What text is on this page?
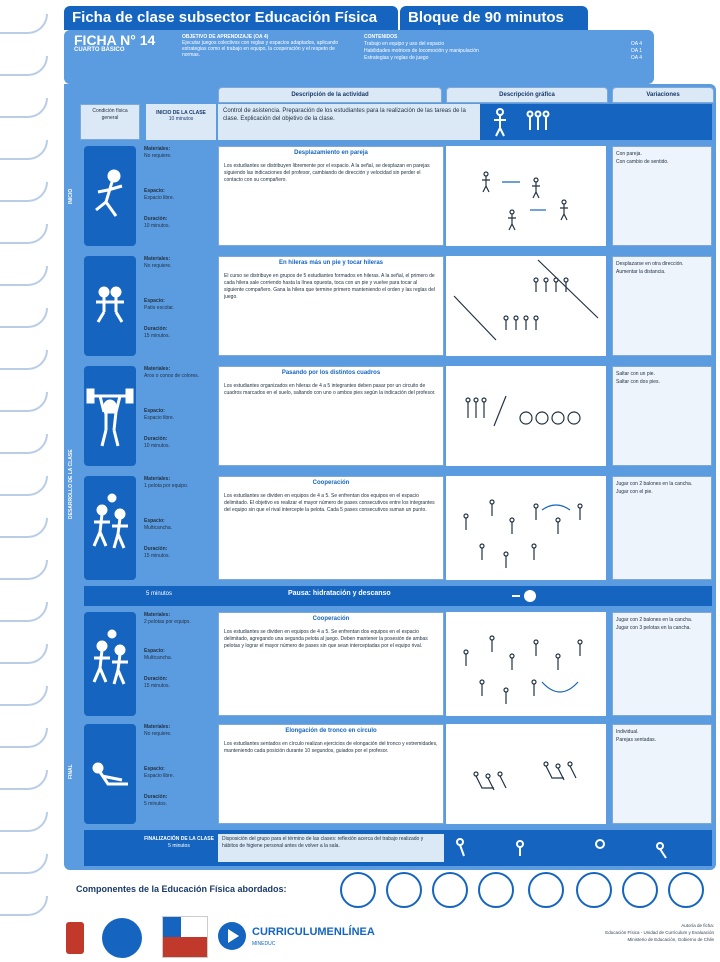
Ficha de clase subsector Educación Física	Bloque de 90 minutos
FICHA N° 14
CUARTO BÁSICO
OBJETIVO DE APRENDIZAJE (OA 4)
Ejecutar juegos colectivos con reglas y espacios adaptados, aplicando estrategias como el trabajo en equipo, la cooperación y el respeto de normas.
CONTENIDOS
Trabajo en equipo y uso del espacio	OA 4
Habilidades motrices de locomoción y manipulación	OA 1
Estrategias y reglas de juego	OA 4
Descripción de la actividad	Descripción gráfica	Variaciones
Condición física general
INICIO DE LA CLASE
10 minutos
Control de asistencia. Preparación de los estudiantes para la realización de las tareas de la clase. Explicación del objetivo de la clase.
INICIO
DESARROLLO DE LA CLASE
FINAL
Materiales:
No requiere.
Espacio:
Espacio libre.
Duración:
10 minutos.
Desplazamiento en pareja
Los estudiantes se distribuyen libremente por el espacio. A la señal, se desplazan en parejas siguiendo las indicaciones del profesor, cambiando de dirección y velocidad sin perder el contacto con su compañero.
Con pareja.
Con cambio de sentido.
Materiales:
No requiere.
Espacio:
Patio escolar.
Duración:
15 minutos.
En hileras más un pie y tocar hileras
El curso se distribuye en grupos de 5 estudiantes formados en hileras. A la señal, el primero de cada hilera sale corriendo hasta la línea opuesta, toca con un pie y vuelve para tocar al siguiente compañero. Gana la hilera que termine primero manteniendo el orden y las reglas del juego.
Desplazarse en otra dirección.
Aumentar la distancia.
Materiales:
Aros o conos de colores.
Espacio:
Espacio libre.
Duración:
10 minutos.
Pasando por los distintos cuadros
Los estudiantes organizados en hileras de 4 a 5 integrantes deben pasar por un circuito de cuadros marcados en el suelo, saltando con uno o ambos pies según la indicación del profesor.
Saltar con un pie.
Saltar con dos pies.
Materiales:
1 pelota por equipo.
Espacio:
Multicancha.
Duración:
15 minutos.
Cooperación
Los estudiantes se dividen en equipos de 4 a 5. Se enfrentan dos equipos en el espacio delimitado. El objetivo es realizar el mayor número de pases consecutivos entre los integrantes del equipo sin que el rival intercepte la pelota. Cada 5 pases consecutivos suman un punto.
Jugar con 2 balones en la cancha.
Jugar con el pie.
5 minutos	Pausa: hidratación y descanso
Materiales:
2 pelotas por equipo.
Espacio:
Multicancha.
Duración:
15 minutos.
Cooperación
Los estudiantes se dividen en equipos de 4 a 5. Se enfrentan dos equipos en el espacio delimitado, agregando una segunda pelota al juego. Deben mantener la posesión de ambas pelotas y lograr el mayor número de pases sin que sean interceptadas por el equipo rival.
Jugar con 2 balones en la cancha.
Jugar con 3 pelotas en la cancha.
Materiales:
No requiere.
Espacio:
Espacio libre.
Duración:
5 minutos.
Elongación de tronco en circulo
Los estudiantes sentados en círculo realizan ejercicios de elongación del tronco y extremidades, manteniendo cada posición durante 10 segundos, guiados por el profesor.
Individual.
Parejas sentadas.
FINALIZACIÓN DE LA CLASE
5 minutos
Disposición del grupo para el término de las clases: reflexión acerca del trabajo realizado y hábitos de higiene personal antes de volver a la sala.
Componentes de la Educación Física abordados:
CURRICULUMENLÍNEA
MINEDUC
Autoría de ficha:
Educación Física - Unidad de Currículum y Evaluación
Ministerio de Educación, Gobierno de Chile
